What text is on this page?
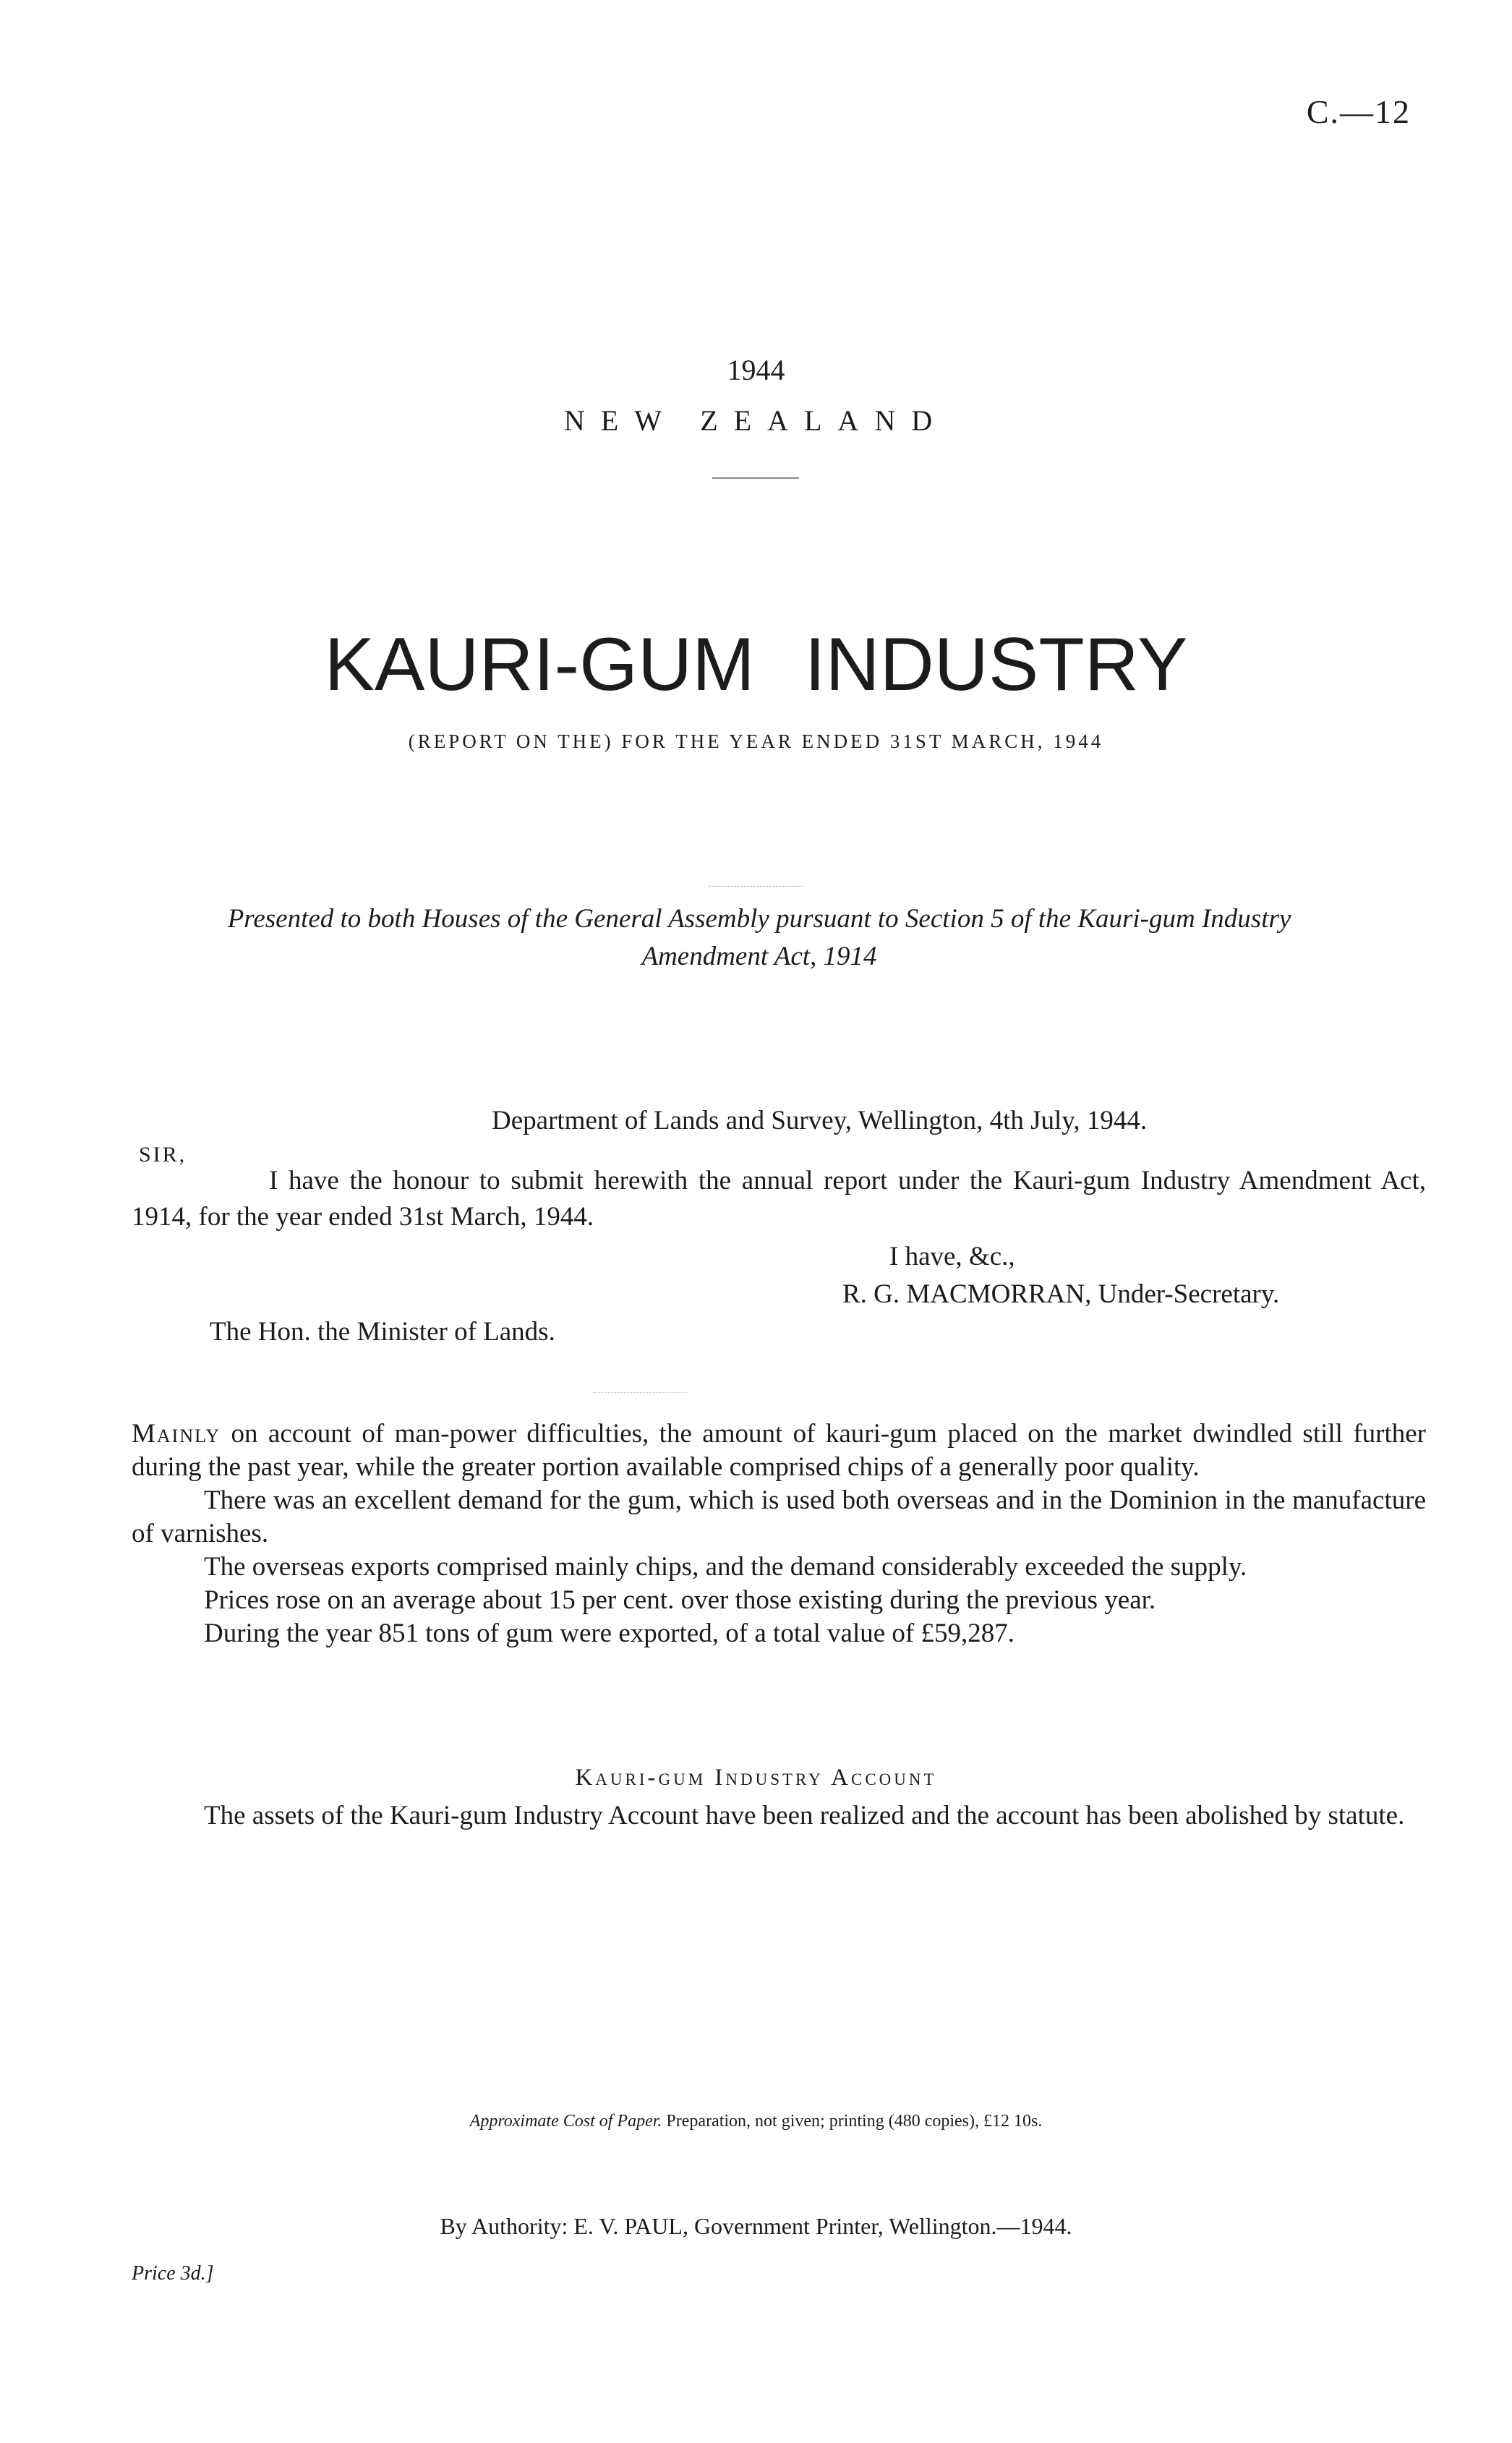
C.—12
1944
NEW ZEALAND
KAURI-GUM INDUSTRY
(REPORT ON THE) FOR THE YEAR ENDED 31ST MARCH, 1944
Presented to both Houses of the General Assembly pursuant to Section 5 of the Kauri-gum Industry Amendment Act, 1914
Department of Lands and Survey, Wellington, 4th July, 1944.
SIR,
I have the honour to submit herewith the annual report under the Kauri-gum Industry Amendment Act, 1914, for the year ended 31st March, 1944.
I have, &c.,
R. G. MACMORRAN, Under-Secretary.
The Hon. the Minister of Lands.

Mainly on account of man-power difficulties, the amount of kauri-gum placed on the market dwindled still further during the past year, while the greater portion available comprised chips of a generally poor quality.

There was an excellent demand for the gum, which is used both overseas and in the Dominion in the manufacture of varnishes.

The overseas exports comprised mainly chips, and the demand considerably exceeded the supply.

Prices rose on an average about 15 per cent. over those existing during the previous year.

During the year 851 tons of gum were exported, of a total value of £59,287.

Kauri-gum Industry Account
The assets of the Kauri-gum Industry Account have been realized and the account has been abolished by statute.
Approximate Cost of Paper. Preparation, not given; printing (480 copies), £12 10s.
By Authority: E. V. PAUL, Government Printer, Wellington.—1944.
Price 3d.]
